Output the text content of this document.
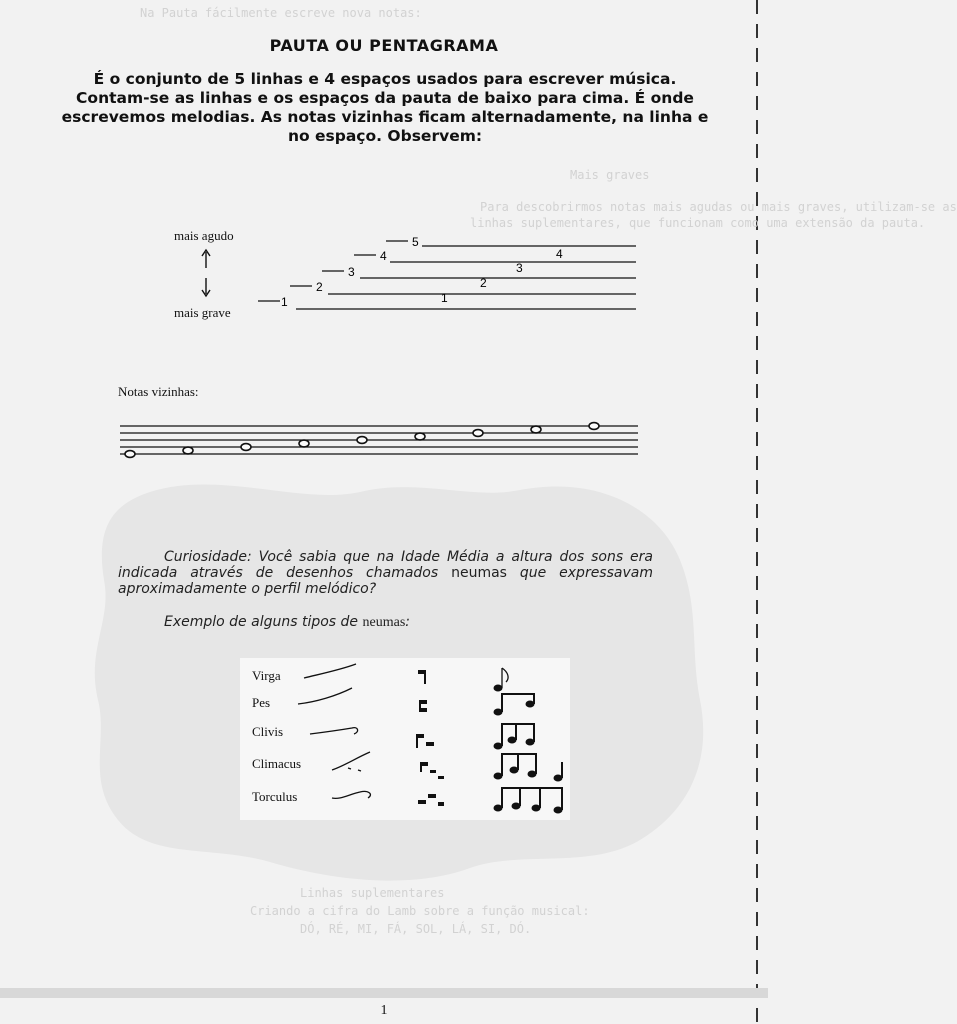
Na Pauta fácilmente escreve nova notas:
Mais graves
Para descobrirmos notas mais agudas ou mais graves, utilizam-se as
linhas suplementares, que funcionam como uma extensão da pauta.
Linhas suplementares
Criando a cifra do Lamb sobre a função musical:
DÓ, RÉ, MI, FÁ, SOL, LÁ, SI, DÓ.
PAUTA OU PENTAGRAMA
É o conjunto de 5 linhas e 4 espaços usados para escrever música.
Contam-se as linhas e os espaços da pauta de baixo para cima. É onde
escrevemos melodias. As notas vizinhas ficam alternadamente, na linha e
no espaço. Observem:
mais agudo
mais grave
1
2
3
4
5
1
2
3
4
Notas vizinhas:
Curiosidade: Você sabia que na Idade Média a altura dos sons era indicada através de desenhos chamados neumas que expressavam aproximadamente o perfil melódico?
Exemplo de alguns tipos de neumas:
Virga
Pes
Clivis
Climacus
Torculus
1
